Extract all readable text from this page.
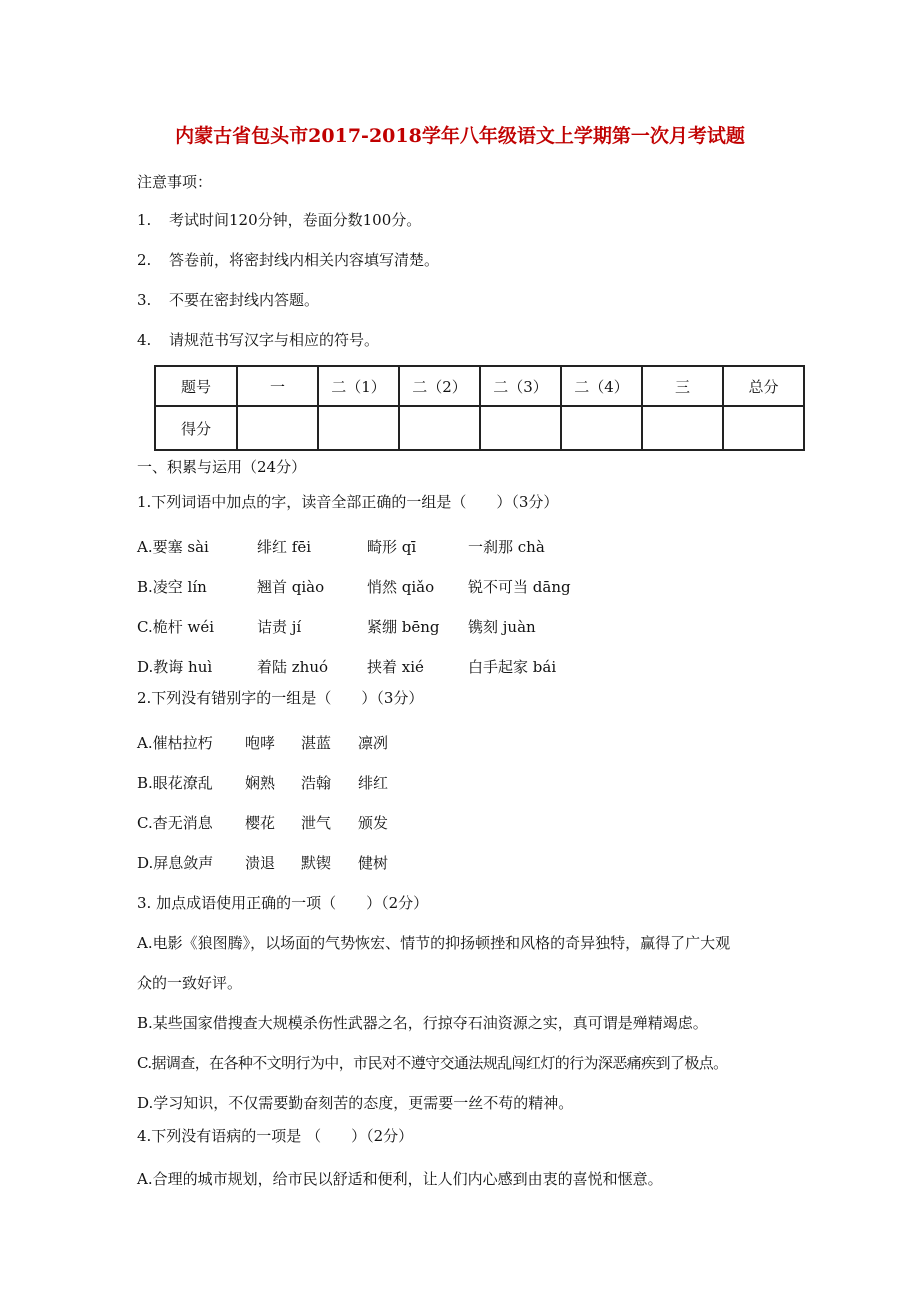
内蒙古省包头市2017-2018学年八年级语文上学期第一次月考试题
注意事项：
1. 考试时间120分钟，卷面分数100分。
2. 答卷前，将密封线内相关内容填写清楚。
3. 不要在密封线内答题。
4. 请规范书写汉字与相应的符号。
题号	一	二（1）	二（2）	二（3）	二（4）	三	总分
得分							
一、积累与运用（24分）
1.下列词语中加点的字，读音全部正确的一组是（　　）（3分）
A.要塞 sài	绯红 fēi	畸形 qī	一刹那 chà
B.凌空 lín	翘首 qiào	悄然 qiǎo 锐不可当 dāng
C.桅杆 wéi	诘责 jí	紧绷 bēng 镌刻 juàn
D.教诲 huì	着陆 zhuó	挟着 xié	白手起家 bái
2.下列没有错别字的一组是（　　）（3分）
A.催枯拉朽 咆哮 湛蓝 凛冽
B.眼花潦乱 娴熟 浩翰 绯红
C.杳无消息 樱花 泄气 颁发
D.屏息敛声 溃退 默锲 健树
3. 加点成语使用正确的一项（　　）（2分）
A.电影《狼图腾》，以场面的气势恢宏、情节的抑扬顿挫和风格的奇异独特，赢得了广大观
众的一致好评。
B.某些国家借搜查大规模杀伤性武器之名，行掠夺石油资源之实，真可谓是殚精竭虑。
C.据调查，在各种不文明行为中，市民对不遵守交通法规乱闯红灯的行为深恶痛疾到了极点。
D.学习知识，不仅需要勤奋刻苦的态度，更需要一丝不苟的精神。
4.下列没有语病的一项是 （　　）（2分）
A.合理的城市规划，给市民以舒适和便利，让人们内心感到由衷的喜悦和惬意。
